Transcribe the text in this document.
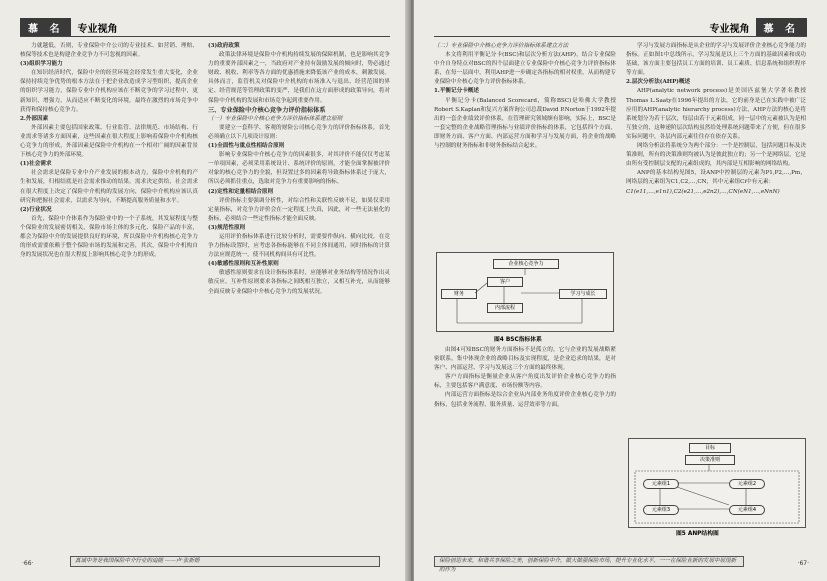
慕 名	专业视角

力就越低，否则，专业保险中介公司的专业技术、如营销、理赔、核保等技术也是构建企业竞争力不可忽视的因素。

(3)组织学习能力

在知识经济时代，保险中介的经营环境会经常发生重大变化，企业保持持续竞争优势的根本方法在于把企业改造成学习型组织，提高企业的组织学习能力，保险专业中介机构应该在不断竞争的学习过程中，更新知识，增强力，从而适应不断变化的环境，最终在激烈的市场竞争中获得和保持核心竞争力。

2.外部因素

外部因素主要包括国家政策、行业监管、法律规范、市场结构、行业需求等诸多方面因素，这些因素在很大程度上影响着保险中介机构核心竞争力的形成，外部因素是保险中介机构在一个相对广阔的因素背景下核心竞争力的外部环境。

(1)社会需求

社会需求是保险专业中介产业发展的根本动力，保险中介机构的产生和发展，归根结底是社会需求推动的结果。需求决定供给，社会需求在很大程度上决定了保险中介机构的发展方向，保险中介机构应该认真研究和把握社会需求，以需求为导向，不断提高服务质量和水平。

(2)行业状况

首先，保险中介体系作为保险业中的一个子系统，其发展程度与整个保险业的发展密切相关，保险市场主体的多元化、保险产品的丰富，都会为保险中介的发展提供良好的环境，所以保险中介机构核心竞争力的形成需要依赖于整个保险市场的发展和完善，其次，保险中介机构自身的发展状况也在很大程度上影响其核心竞争力的形成。

(3)政府政策

政策法律环境是保险中介机构持续发展的保障机制，也是影响其竞争力的重要外部因素之一，当政府对产业持有鼓励发展的倾向时，势必通过财政、税收、利率等各方面的优惠措施来降低该产业的成本，刺激发展。具体而言，监管机关对保险中介机构的市场准入与退出、经营范围的界定、经营规范等管理政策的变严，是我们在这方面形成的政策导向，将对保险中介机构的发展和市场竞争起到重要作用。

三、专业保险中介核心竞争力评价指标体系

（一）专业保险中介核心竞争力评价指标体系建立原则

要建立一套科学、客观的财险公司核心竞争力的评价指标体系，首先必须确立以下几项设计原则：

(1)全面性与重点性相结合原则

影响专业保险中介核心竞争力的因素很多，对其评价不能仅仅考虑某一单项因素，必须采用系统设计、系统评价的原则，才能全面掌握被评价对象的核心竞争力的全貌，但设置过多的因素将导致指标体系过于庞大，所以必须抓住重点，选取对竞争力有重要影响的指标。

(2)定性和定量相结合原则

评价指标主要强调分析性，对综合性和关联性反映不足，如果仅采用定量指标，对竞争力评价会在一定程度上失真，因此，对一些无法量化的指标，必须结合一些定性指标才能全面反映。

(3)规范性原则

运用评价指标体系进行比较分析时，需要要作纵向、横向比较，在竞争力指标设置时，应考虑各指标能够在不同主体间通用，同时指标的计算方法应规范统一，使不同机构间具有可比性。

(4)敏感性原则和互补性原则

敏感性原则要求在设计指标体系时，应能够对业务结构等情况作出灵敏反应，互补性原则要求各指标之间既相互独立，又相互补充，从而能够全面反映专业保险中介核心竞争力的发展状况。

·66·	真诚中务是我国保险中介行业的追随 ——卢·张新婚
专业视角	慕 名

（二）专业保险中介核心竞争力评价指标体系建立方法

本文将利用平衡记分卡(BSC)和层次分析方法(AHP)，结合专业保险中介自身特点对BSC的四个层面建立专业保险中介核心竞争力评价指标体系，在每一层面中，利用AHP进一步确定各指标的相对权重，从而构建专业保险中介核心竞争力评价指标体系。

1.平衡记分卡概述

平衡记分卡(Balanced Scorecard，简称BSC)是哈佛大学教授Robert S.Kaplan和复兴方案咨询公司总裁David P.Norton于1992年提出的一套企业绩效评价体系，在管理研究领域颇有影响，实际上，BSC是一套完整的企业战略管理指标与业绩评价指标的体系，它包括四个方面，即财务方面、客户方面、内部运营方面和学习与发展方面，将企业的战略与控制的财务指标和非财务指标结合起来。

企业核心竞争力
财务
客户
内部流程
学习与成长
图4 BSC指标体系

由图4可知BSC的财务方面指标不是孤立的，它与企业的发展战略紧密联系，集中体现企业的战略目标及实现程度，是企业追求的结果，是对客户、内部运营、学习与发展这三个方面的最终体现。

客户方面指标是衡量企业从客户角度出发评价企业核心竞争力的指标，主要包括客户满意度、市场份额等内容。

内部运营方面指标是综合企业从内部业务角度评价企业核心竞争力的指标，包括业务流程、服务质量、运营效率等方面。

学习与发展方面指标是从企业的学习与发展评价企业核心竞争能力的指标。正如图1中总线所示，学习发展是以上三个方面的基础因素和成功基础，该方面主要包括员工方面的培训、员工素质、信息系统和组织程序等方面。

2.层次分析法(AHP)概述

AHP(analytic network process)是美国匹兹堡大学著名教授Thomas L.Saaty在1996年提出的方法，它的前身是已在实践中被广泛应用的AHP(analytic hierarchy process)方法，AHP方法的核心是将系统划分为若干层次，每层由若干元素组成，同一层中的元素被认为是相互独立的，这种递阶层次结构虽然给处理系统问题带来了方便，但在很多实际问题中，各层内部元素往往存在依存关系。

网络分析法将系统分为两个部分：一个是控制层，包括问题目标及决策准则，所有的决策准则均被认为是彼此独立的；另一个是网络层，它是由所有受控制层支配的元素组成的，其内部是互相影响的网络结构。

ANP的基本结构见图5，设ANP中控制层的元素为P1,P2,…,Pm，网络层的元素组为C1,C2,…,CN，其中元素组Ci中有元素：

C1(e11,…,e1n1),C2(e21,…,e2n2),…,CN(eN1,…,eNnN)

目标
决策准则
元素组1	元素组2
元素组3	元素组4
图5 ANP结构图
保险创造未来，和谐共享保险之美，创新保险中介，做大做强保险市场，提升专业化水平，一一在保险业新的发展中展现新的作为
·67·
